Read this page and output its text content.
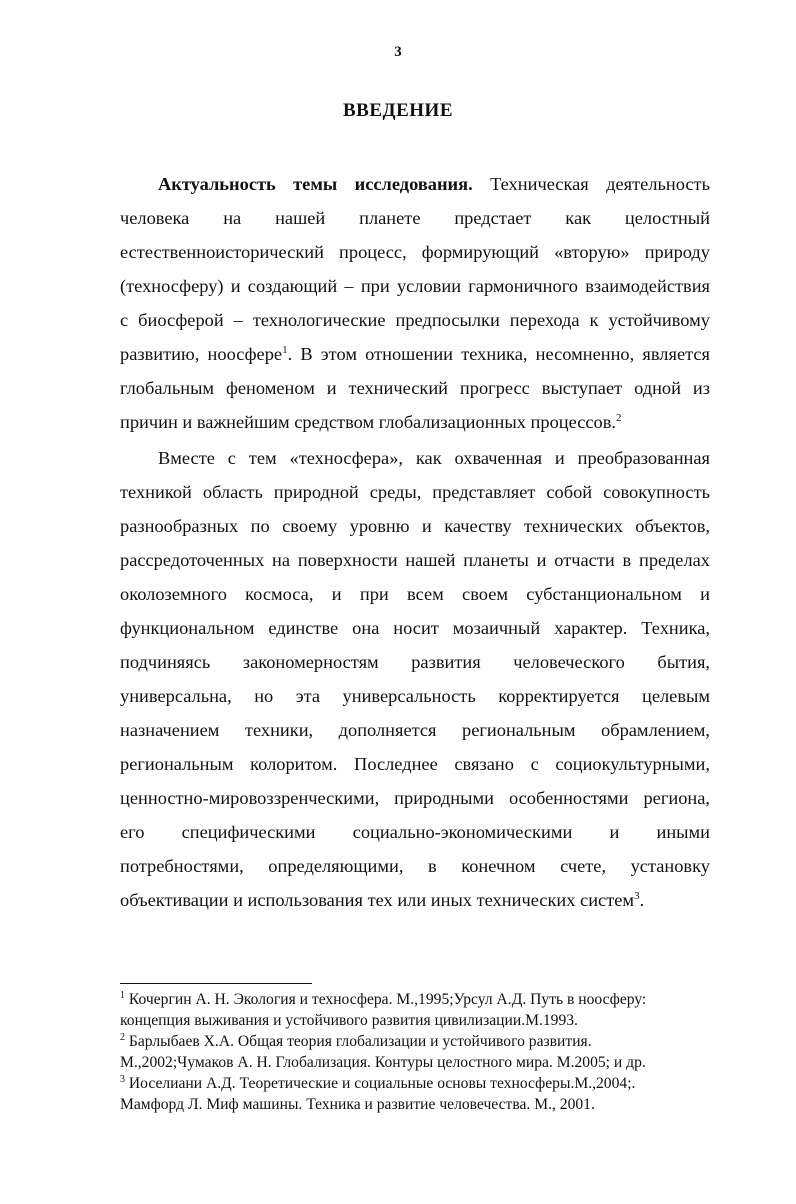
3
ВВЕДЕНИЕ
Актуальность темы исследования. Техническая деятельность
человека на нашей планете предстает как целостный
естественноисторический процесс, формирующий «вторую» природу
(техносферу) и создающий – при условии гармоничного взаимодействия
с биосферой – технологические предпосылки перехода к устойчивому
развитию, ноосфере$^1$. В этом отношении техника, несомненно, является
глобальным феноменом и технический прогресс выступает одной из
причин и важнейшим средством глобализационных процессов.$^2$
Вместе с тем «техносфера», как охваченная и преобразованная
техникой область природной среды, представляет собой совокупность
разнообразных по своему уровню и качеству технических объектов,
рассредоточенных на поверхности нашей планеты и отчасти в пределах
околоземного космоса, и при всем своем субстанциональном и
функциональном единстве она носит мозаичный характер. Техника,
подчиняясь закономерностям развития человеческого бытия,
универсальна, но эта универсальность корректируется целевым
назначением техники, дополняется региональным обрамлением,
региональным колоритом. Последнее связано с социокультурными,
ценностно-мировоззренческими, природными особенностями региона,
его специфическими социально-экономическими и иными
потребностями, определяющими, в конечном счете, установку
объективации и использования тех или иных технических систем$^3$.
$^1$ Кочергин А. Н. Экология и техносфера. М.,1995;Урсул А.Д. Путь в ноосферу:
концепция выживания и устойчивого развития цивилизации.М.1993.
$^2$ Барлыбаев Х.А. Общая теория глобализации и устойчивого развития.
М.,2002;Чумаков А. Н. Глобализация. Контуры целостного мира. М.2005; и др.
$^3$ Иоселиани А.Д. Теоретические и социальные основы техносферы.М.,2004;.
Мамфорд Л. Миф машины. Техника и развитие человечества. М., 2001.
